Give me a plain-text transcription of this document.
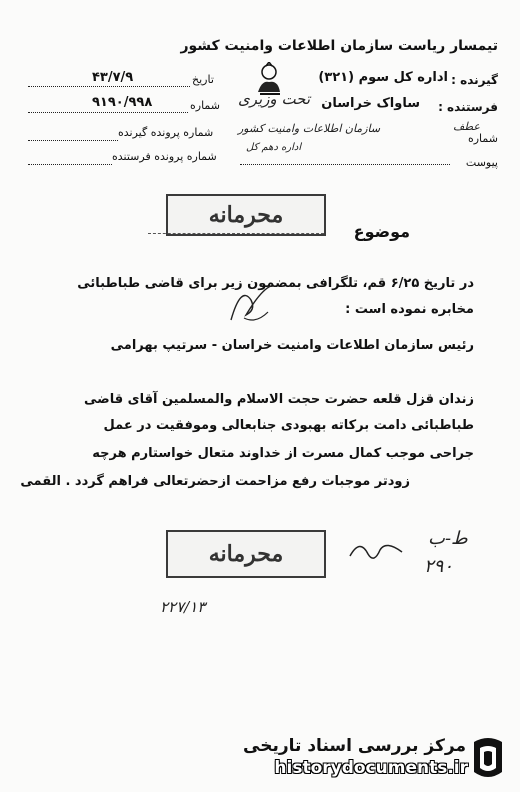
تیمسار ریاست سازمان اطلاعات وامنیت کشور
گیرنده :
اداره کل سوم (۳۲۱)
فرستنده :
ساواک خراسان
تحت وزیری
شماره
عطف
سازمان اطلاعات وامنیت کشور
اداره دهم کل
پیوست
تاریخ
۴۳/۷/۹
شماره
۹۱۹۰/۹۹۸
شماره پرونده گیرنده
شماره پرونده فرستنده
محرمانه
موضوع
در تاریخ ۶/۲۵ قم، تلگرافی بمضمون زیر برای قاضی طباطبائی
مخابره نموده است :
رئیس سازمان اطلاعات وامنیت خراسان - سرتیپ بهرامی
زندان قزل قلعه حضرت حجت الاسلام والمسلمین آقای قاضی
طباطبائی دامت برکاته بهبودی جنابعالی وموفقیت در عمل
جراحی موجب کمال مسرت از خداوند متعال خواستارم هرچه
زودتر موجبات رفع مزاحمت ازحضرتعالی فراهم گردد . القمی
محرمانه
ط-ب
۲۹۰
۲۲۷/۱۳
مرکز بررسی اسناد تاریخی
historydocuments.ir
